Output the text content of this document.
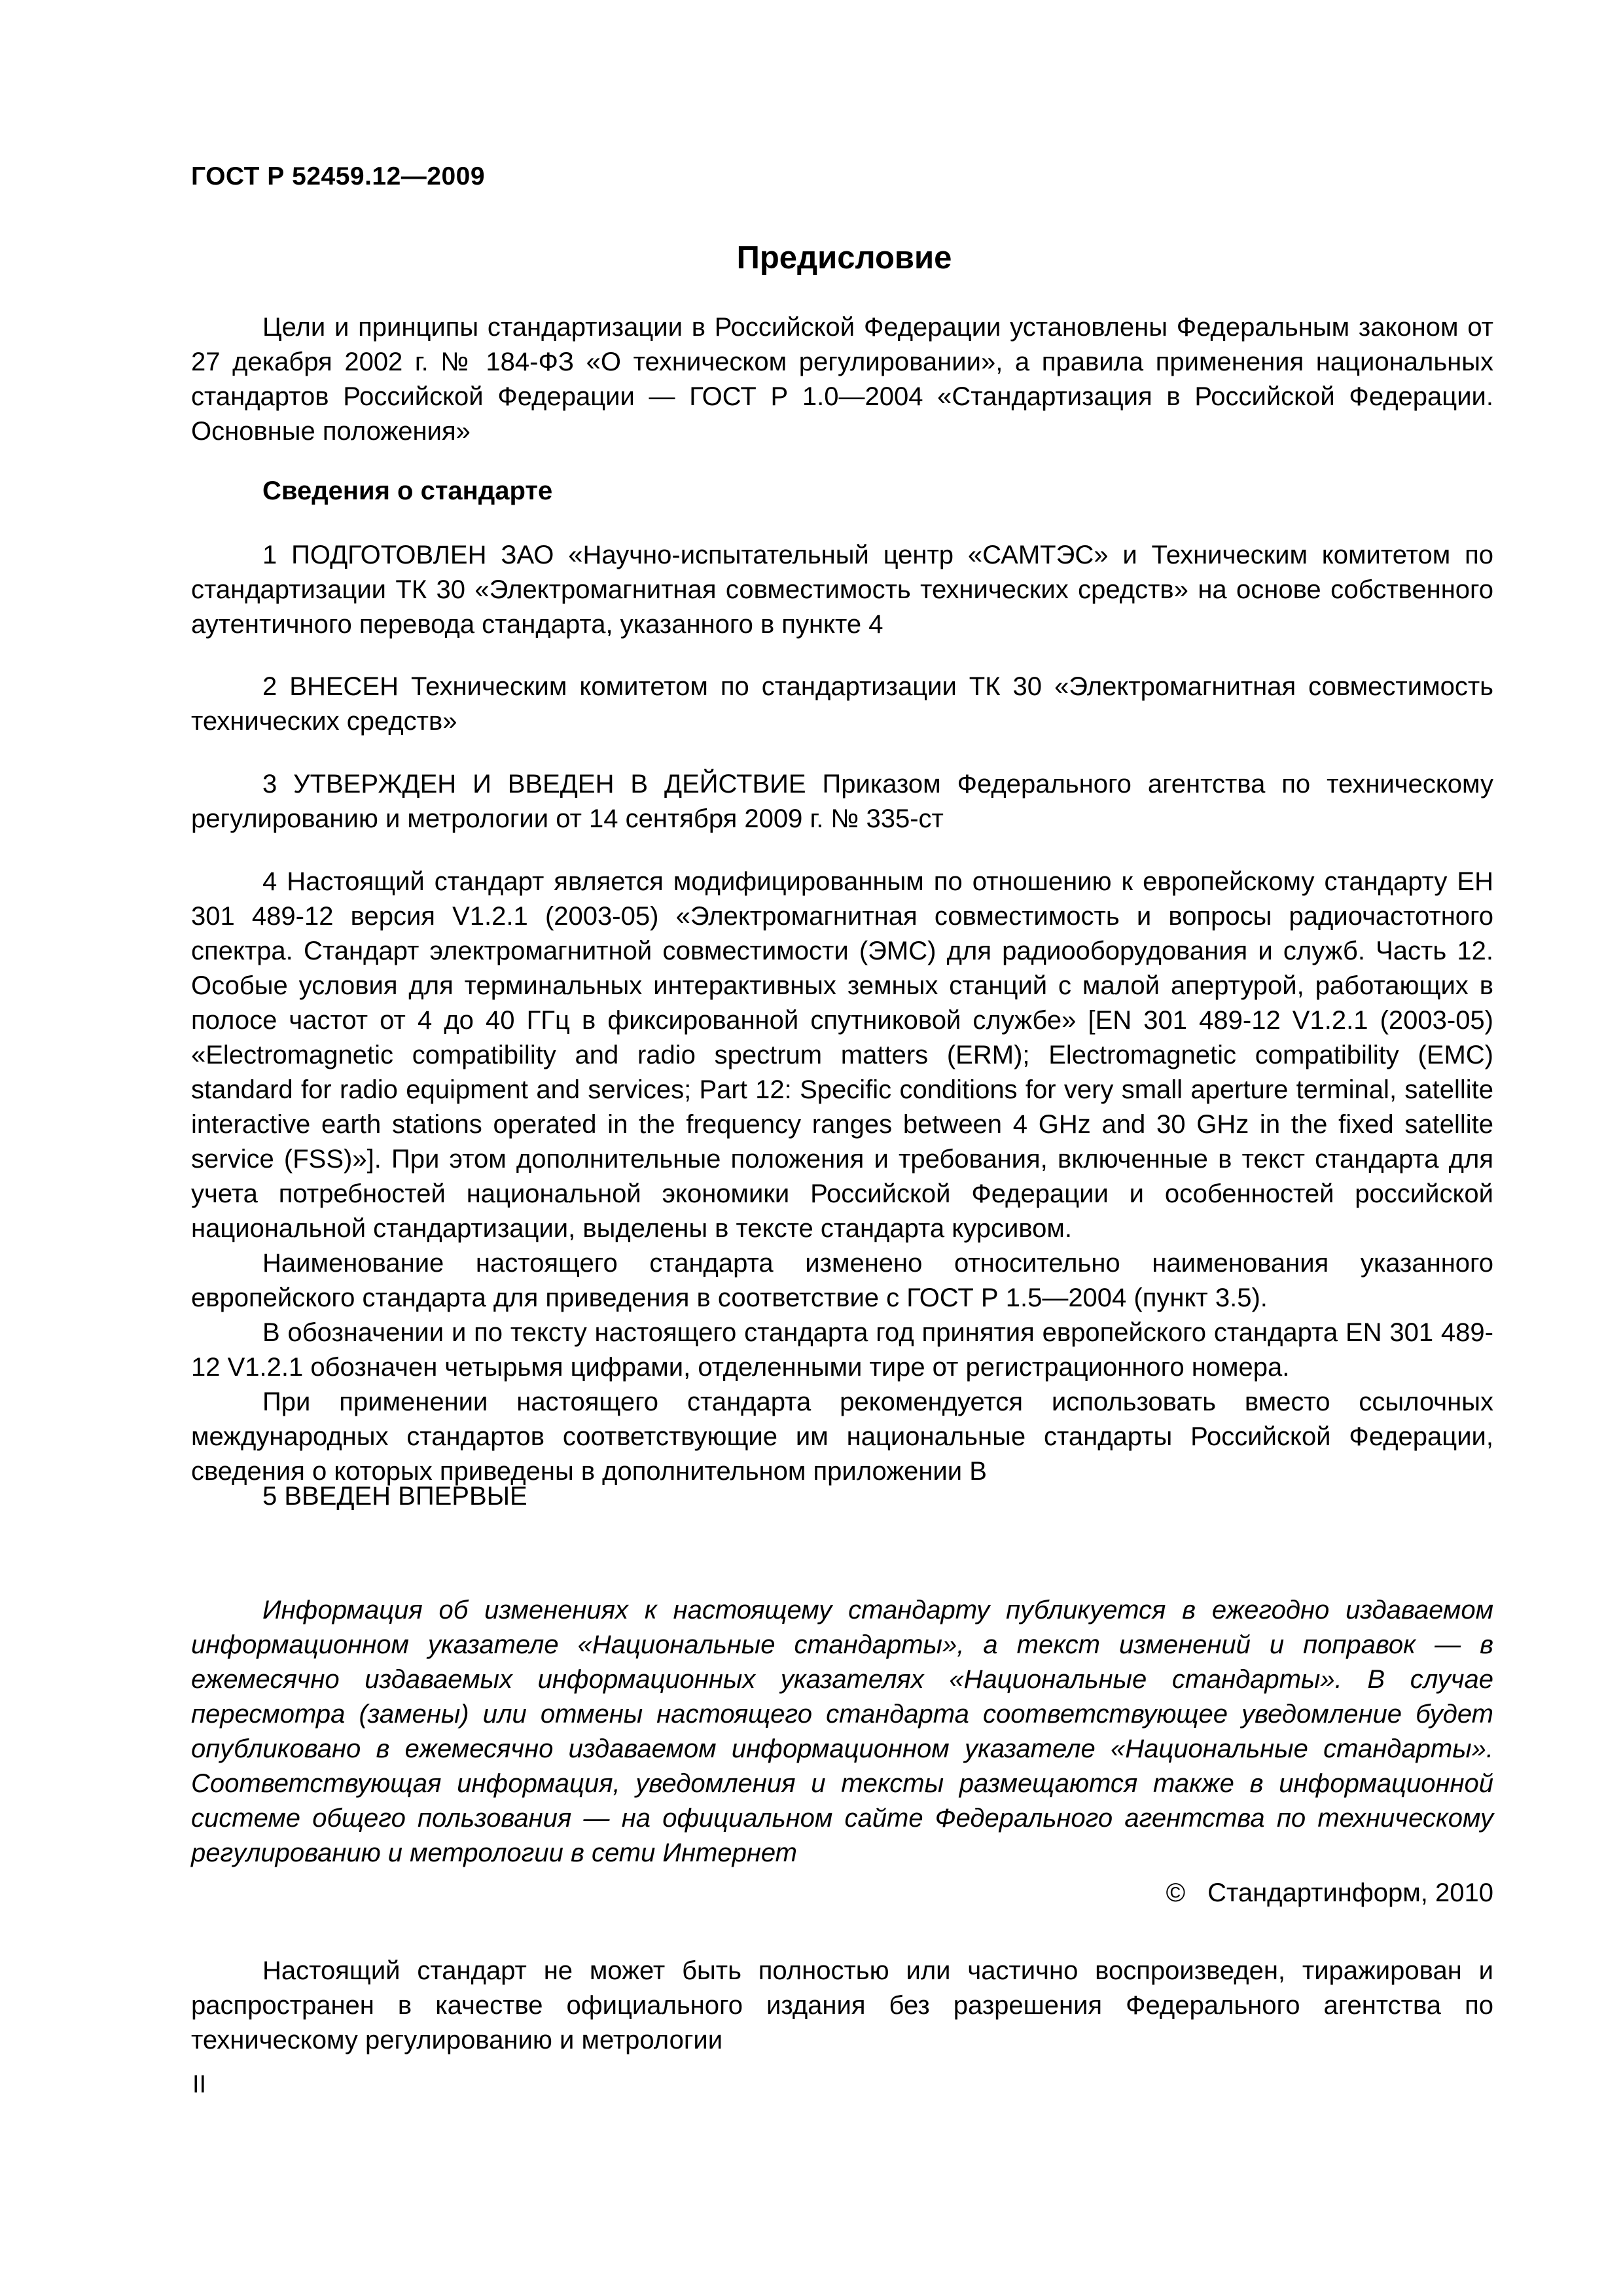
ГОСТ Р 52459.12—2009
Предисловие

Цели и принципы стандартизации в Российской Федерации установлены Федеральным законом от 27 декабря 2002 г. № 184-ФЗ «О техническом регулировании», а правила применения национальных стандартов Российской Федерации — ГОСТ Р 1.0—2004 «Стандартизация в Российской Федерации. Основные положения»

Сведения о стандарте

1 ПОДГОТОВЛЕН ЗАО «Научно-испытательный центр «САМТЭС» и Техническим комитетом по стандартизации ТК 30 «Электромагнитная совместимость технических средств» на основе собственного аутентичного перевода стандарта, указанного в пункте 4

2 ВНЕСЕН Техническим комитетом по стандартизации ТК 30 «Электромагнитная совместимость технических средств»

3 УТВЕРЖДЕН И ВВЕДЕН В ДЕЙСТВИЕ Приказом Федерального агентства по техническому регулированию и метрологии от 14 сентября 2009 г. № 335-ст

4 Настоящий стандарт является модифицированным по отношению к европейскому стандарту ЕН 301 489-12 версия V1.2.1 (2003-05) «Электромагнитная совместимость и вопросы радиочастотного спектра. Стандарт электромагнитной совместимости (ЭМС) для радиооборудования и служб. Часть 12. Особые условия для терминальных интерактивных земных станций с малой апертурой, работающих в полосе частот от 4 до 40 ГГц в фиксированной спутниковой службе» [EN 301 489-12 V1.2.1 (2003-05) «Electromagnetic compatibility and radio spectrum matters (ERM); Electromagnetic compatibility (EMC) standard for radio equipment and services; Part 12: Specific conditions for very small aperture terminal, satellite interactive earth stations operated in the frequency ranges between 4 GHz and 30 GHz in the fixed satellite service (FSS)»]. При этом дополнительные положения и требования, включенные в текст стандарта для учета потребностей национальной экономики Российской Федерации и особенностей российской национальной стандартизации, выделены в тексте стандарта курсивом.

Наименование настоящего стандарта изменено относительно наименования указанного европейского стандарта для приведения в соответствие с ГОСТ Р 1.5—2004 (пункт 3.5).

В обозначении и по тексту настоящего стандарта год принятия европейского стандарта EN 301 489-12 V1.2.1 обозначен четырьмя цифрами, отделенными тире от регистрационного номера.

При применении настоящего стандарта рекомендуется использовать вместо ссылочных международных стандартов соответствующие им национальные стандарты Российской Федерации, сведения о которых приведены в дополнительном приложении В

5 ВВЕДЕН ВПЕРВЫЕ

Информация об изменениях к настоящему стандарту публикуется в ежегодно издаваемом информационном указателе «Национальные стандарты», а текст изменений и поправок — в ежемесячно издаваемых информационных указателях «Национальные стандарты». В случае пересмотра (замены) или отмены настоящего стандарта соответствующее уведомление будет опубликовано в ежемесячно издаваемом информационном указателе «Национальные стандарты». Соответствующая информация, уведомления и тексты размещаются также в информационной системе общего пользования — на официальном сайте Федерального агентства по техническому регулированию и метрологии в сети Интернет

© Стандартинформ, 2010

Настоящий стандарт не может быть полностью или частично воспроизведен, тиражирован и распространен в качестве официального издания без разрешения Федерального агентства по техническому регулированию и метрологии

II
